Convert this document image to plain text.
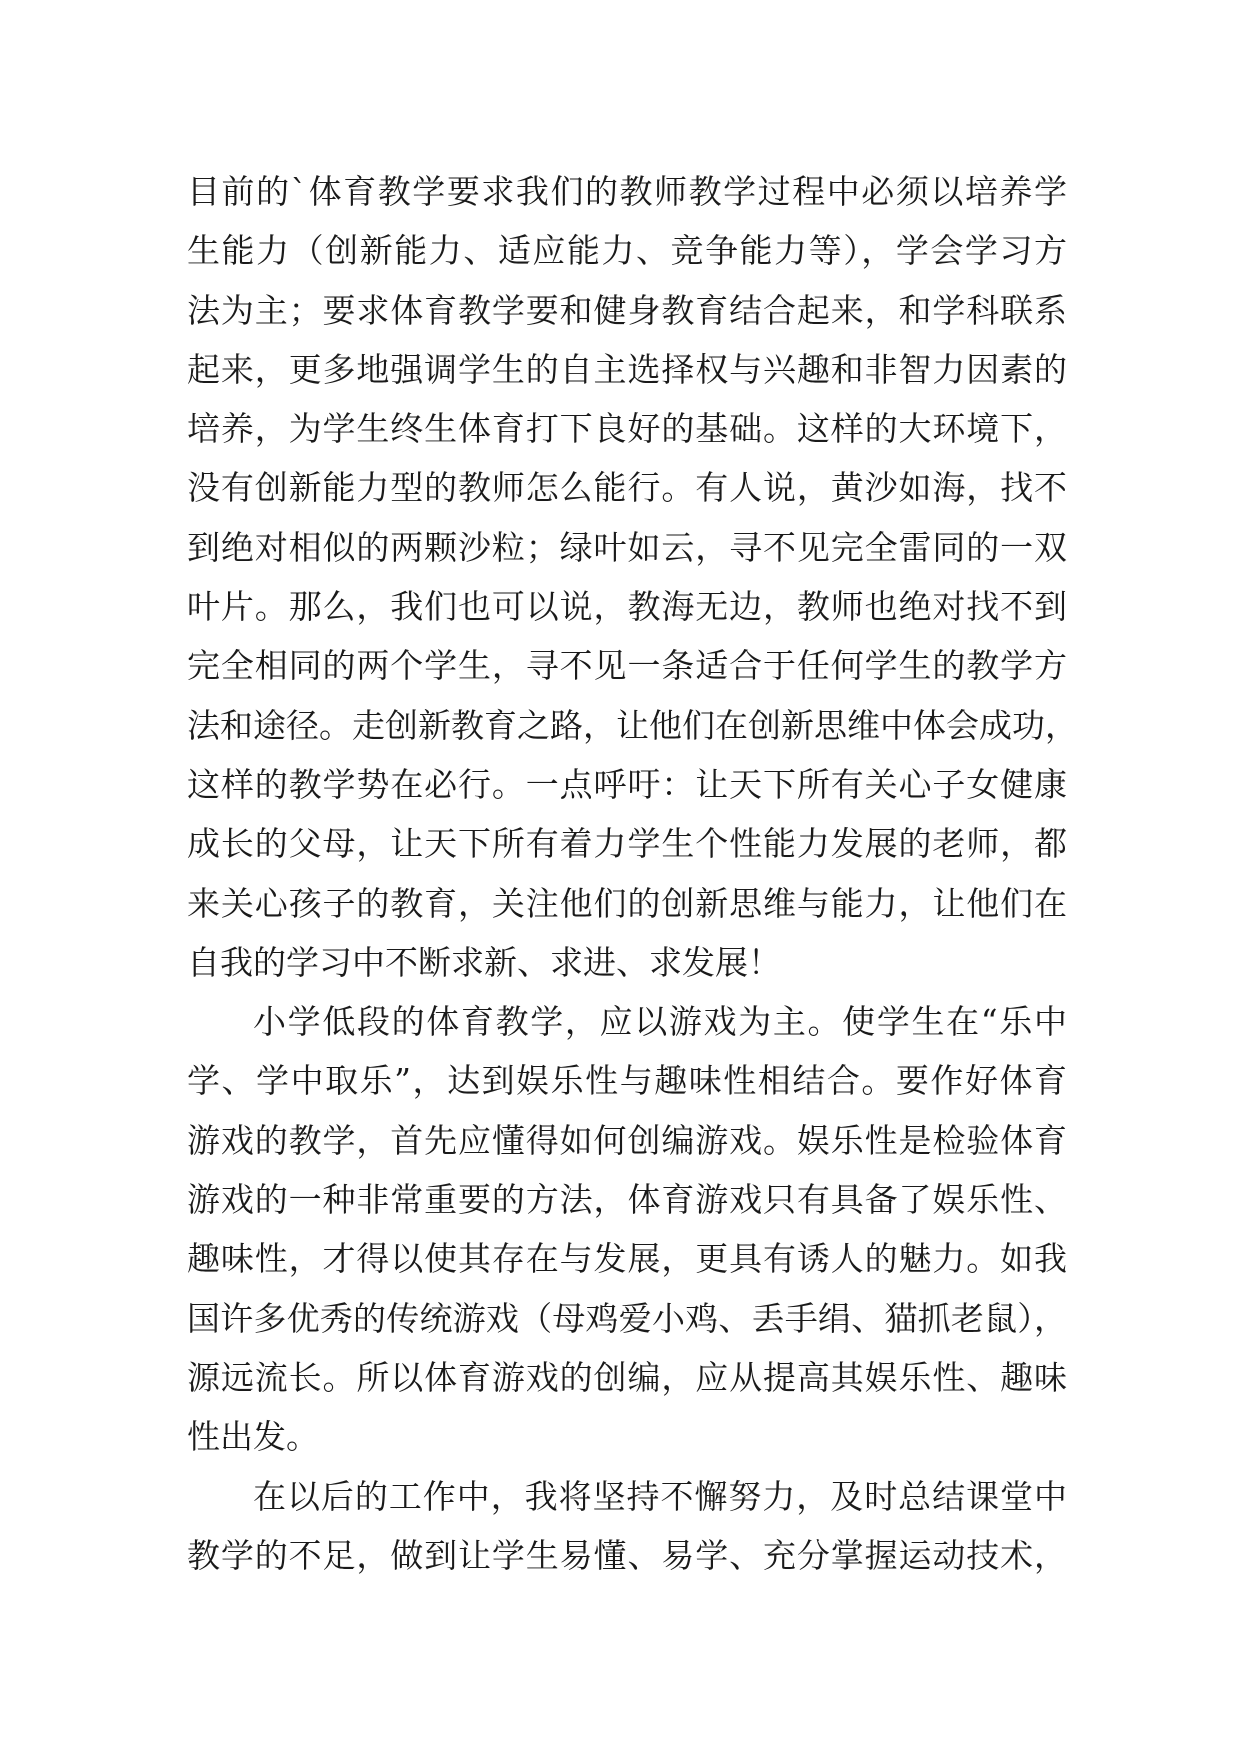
目前的`体育教学要求我们的教师教学过程中必须以培养学
生能力（创新能力、适应能力、竞争能力等），学会学习方
法为主；要求体育教学要和健身教育结合起来，和学科联系
起来，更多地强调学生的自主选择权与兴趣和非智力因素的
培养，为学生终生体育打下良好的基础。这样的大环境下，
没有创新能力型的教师怎么能行。有人说，黄沙如海，找不
到绝对相似的两颗沙粒；绿叶如云，寻不见完全雷同的一双
叶片。那么，我们也可以说，教海无边，教师也绝对找不到
完全相同的两个学生，寻不见一条适合于任何学生的教学方
法和途径。走创新教育之路，让他们在创新思维中体会成功，
这样的教学势在必行。一点呼吁：让天下所有关心子女健康
成长的父母，让天下所有着力学生个性能力发展的老师，都
来关心孩子的教育，关注他们的创新思维与能力，让他们在
自我的学习中不断求新、求进、求发展！
小学低段的体育教学，应以游戏为主。使学生在“乐中
学、学中取乐”，达到娱乐性与趣味性相结合。要作好体育
游戏的教学，首先应懂得如何创编游戏。娱乐性是检验体育
游戏的一种非常重要的方法，体育游戏只有具备了娱乐性、
趣味性，才得以使其存在与发展，更具有诱人的魅力。如我
国许多优秀的传统游戏（母鸡爱小鸡、丢手绢、猫抓老鼠），
源远流长。所以体育游戏的创编，应从提高其娱乐性、趣味
性出发。
在以后的工作中，我将坚持不懈努力，及时总结课堂中
教学的不足，做到让学生易懂、易学、充分掌握运动技术，
